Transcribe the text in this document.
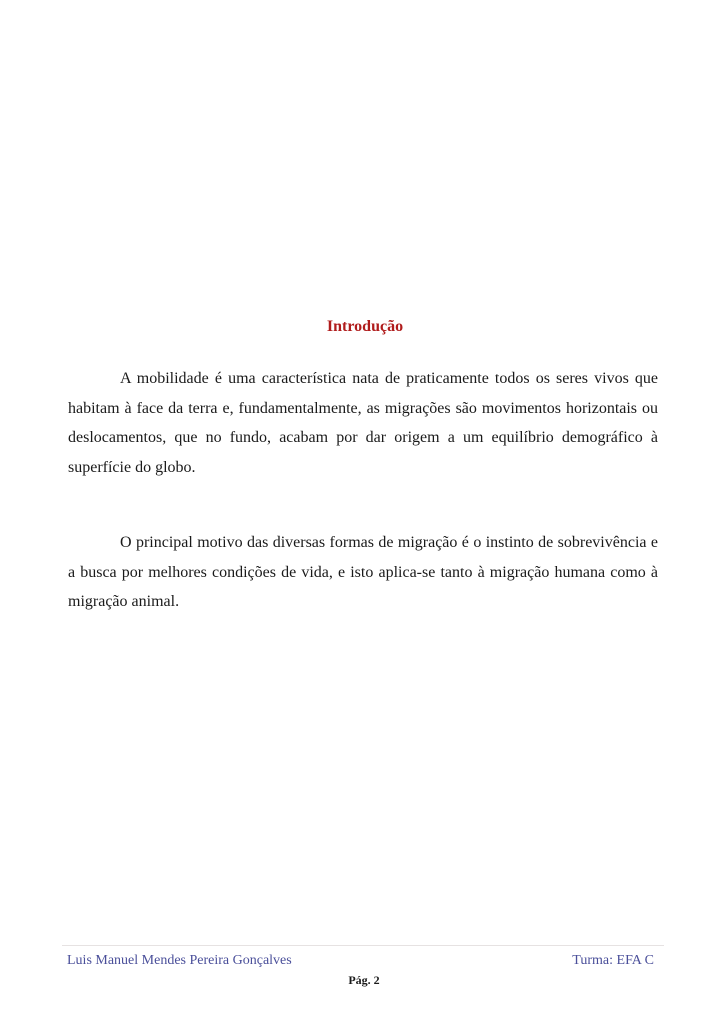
Introdução

A mobilidade é uma característica nata de praticamente todos os seres vivos que habitam à face da terra e, fundamentalmente, as migrações são movimentos horizontais ou deslocamentos, que no fundo, acabam por dar origem a um equilíbrio demográfico à superfície do globo.

O principal motivo das diversas formas de migração é o instinto de sobrevivência e a busca por melhores condições de vida, e isto aplica-se tanto à migração humana como à migração animal.

Luis Manuel Mendes Pereira Gonçalves	Turma: EFA C
Pág. 2
